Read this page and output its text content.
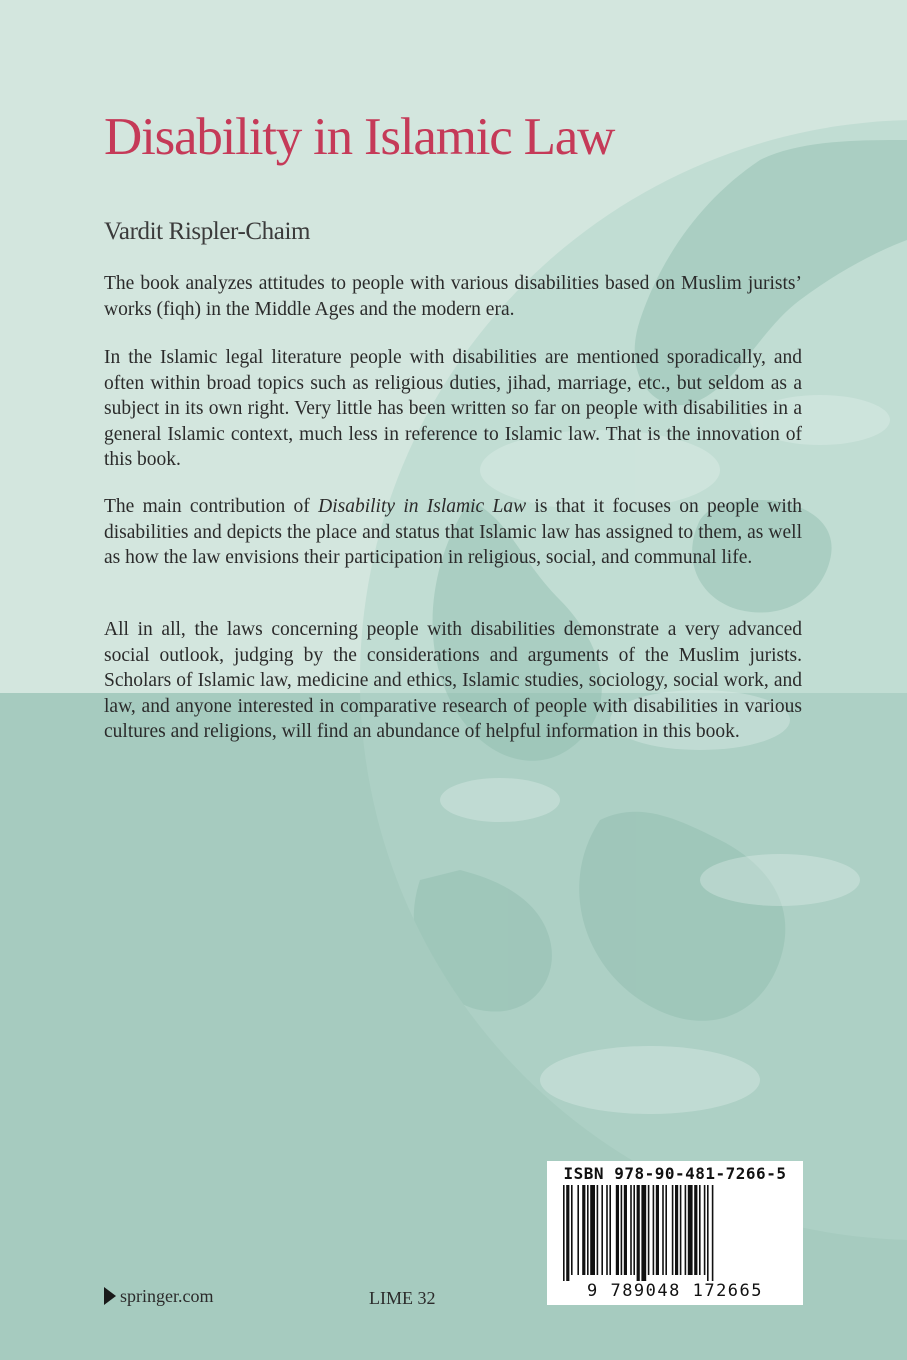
Disability in Islamic Law

Vardit Rispler-Chaim

The book analyzes attitudes to people with various disabilities based on Muslim jurists’ works (fiqh) in the Middle Ages and the modern era.

In the Islamic legal literature people with disabilities are mentioned sporadically, and often within broad topics such as religious duties, jihad, marriage, etc., but seldom as a subject in its own right. Very little has been written so far on people with disabilities in a general Islamic context, much less in reference to Islamic law. That is the innovation of this book.

The main contribution of Disability in Islamic Law is that it focuses on people with disabilities and depicts the place and status that Islamic law has assigned to them, as well as how the law envisions their participation in religious, social, and communal life.

All in all, the laws concerning people with disabilities demonstrate a very advanced social outlook, judging by the considerations and arguments of the Muslim jurists. Scholars of Islamic law, medicine and ethics, Islamic studies, sociology, social work, and law, and anyone interested in comparative research of people with disabilities in various cultures and religions, will find an abundance of helpful information in this book.

springer.com	LIME 32
ISBN 978-90-481-7266-5
9 789048 172665
